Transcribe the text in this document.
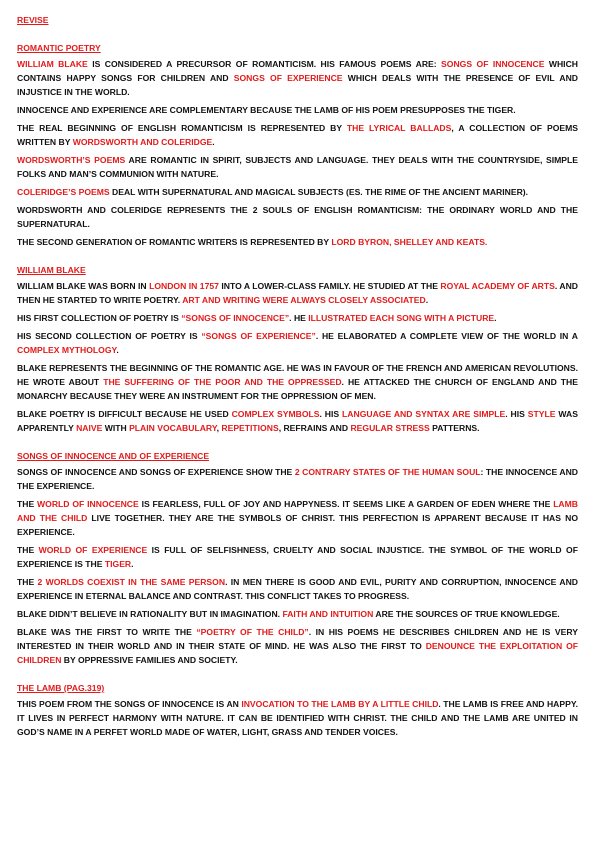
REVISE

ROMANTIC POETRY

WILLIAM BLAKE IS CONSIDERED A PRECURSOR OF ROMANTICISM. HIS FAMOUS POEMS ARE: SONGS OF INNOCENCE WHICH CONTAINS HAPPY SONGS FOR CHILDREN AND SONGS OF EXPERIENCE WHICH DEALS WITH THE PRESENCE OF EVIL AND INJUSTICE IN THE WORLD.

INNOCENCE AND EXPERIENCE ARE COMPLEMENTARY BECAUSE THE LAMB OF HIS POEM PRESUPPOSES THE TIGER.

THE REAL BEGINNING OF ENGLISH ROMANTICISM IS REPRESENTED BY THE LYRICAL BALLADS, A COLLECTION OF POEMS WRITTEN BY WORDSWORTH AND COLERIDGE.

WORDSWORTH’S POEMS ARE ROMANTIC IN SPIRIT, SUBJECTS AND LANGUAGE. THEY DEALS WITH THE COUNTRYSIDE, SIMPLE FOLKS AND MAN’S COMMUNION WITH NATURE.

COLERIDGE’S POEMS DEAL WITH SUPERNATURAL AND MAGICAL SUBJECTS (ES. THE RIME OF THE ANCIENT MARINER).

WORDSWORTH AND COLERIDGE REPRESENTS THE 2 SOULS OF ENGLISH ROMANTICISM: THE ORDINARY WORLD AND THE SUPERNATURAL.

THE SECOND GENERATION OF ROMANTIC WRITERS IS REPRESENTED BY LORD BYRON, SHELLEY AND KEATS.

WILLIAM BLAKE

WILLIAM BLAKE WAS BORN IN LONDON IN 1757 INTO A LOWER-CLASS FAMILY. HE STUDIED AT THE ROYAL ACADEMY OF ARTS. AND THEN HE STARTED TO WRITE POETRY. ART AND WRITING WERE ALWAYS CLOSELY ASSOCIATED.

HIS FIRST COLLECTION OF POETRY IS “SONGS OF INNOCENCE”. HE ILLUSTRATED EACH SONG WITH A PICTURE.

HIS SECOND COLLECTION OF POETRY IS “SONGS OF EXPERIENCE”. HE ELABORATED A COMPLETE VIEW OF THE WORLD IN A COMPLEX MYTHOLOGY.

BLAKE REPRESENTS THE BEGINNING OF THE ROMANTIC AGE. HE WAS IN FAVOUR OF THE FRENCH AND AMERICAN REVOLUTIONS. HE WROTE ABOUT THE SUFFERING OF THE POOR AND THE OPPRESSED. HE ATTACKED THE CHURCH OF ENGLAND AND THE MONARCHY BECAUSE THEY WERE AN INSTRUMENT FOR THE OPPRESSION OF MEN.

BLAKE POETRY IS DIFFICULT BECAUSE HE USED COMPLEX SYMBOLS. HIS LANGUAGE AND SYNTAX ARE SIMPLE. HIS STYLE WAS APPARENTLY NAIVE WITH PLAIN VOCABULARY, REPETITIONS, REFRAINS AND REGULAR STRESS PATTERNS.

SONGS OF INNOCENCE AND OF EXPERIENCE

SONGS OF INNOCENCE AND SONGS OF EXPERIENCE SHOW THE 2 CONTRARY STATES OF THE HUMAN SOUL: THE INNOCENCE AND THE EXPERIENCE.

THE WORLD OF INNOCENCE IS FEARLESS, FULL OF JOY AND HAPPYNESS. IT SEEMS LIKE A GARDEN OF EDEN WHERE THE LAMB AND THE CHILD LIVE TOGETHER. THEY ARE THE SYMBOLS OF CHRIST. THIS PERFECTION IS APPARENT BECAUSE IT HAS NO EXPERIENCE.

THE WORLD OF EXPERIENCE IS FULL OF SELFISHNESS, CRUELTY AND SOCIAL INJUSTICE. THE SYMBOL OF THE WORLD OF EXPERIENCE IS THE TIGER.

THE 2 WORLDS COEXIST IN THE SAME PERSON. IN MEN THERE IS GOOD AND EVIL, PURITY AND CORRUPTION, INNOCENCE AND EXPERIENCE IN ETERNAL BALANCE AND CONTRAST. THIS CONFLICT TAKES TO PROGRESS.

BLAKE DIDN’T BELIEVE IN RATIONALITY BUT IN IMAGINATION. FAITH AND INTUITION ARE THE SOURCES OF TRUE KNOWLEDGE.

BLAKE WAS THE FIRST TO WRITE THE “POETRY OF THE CHILD”. IN HIS POEMS HE DESCRIBES CHILDREN AND HE IS VERY INTERESTED IN THEIR WORLD AND IN THEIR STATE OF MIND. HE WAS ALSO THE FIRST TO DENOUNCE THE EXPLOITATION OF CHILDREN BY OPPRESSIVE FAMILIES AND SOCIETY.

THE LAMB (PAG.319)

THIS POEM FROM THE SONGS OF INNOCENCE IS AN INVOCATION TO THE LAMB BY A LITTLE CHILD. THE LAMB IS FREE AND HAPPY. IT LIVES IN PERFECT HARMONY WITH NATURE. IT CAN BE IDENTIFIED WITH CHRIST. THE CHILD AND THE LAMB ARE UNITED IN GOD’S NAME IN A PERFET WORLD MADE OF WATER, LIGHT, GRASS AND TENDER VOICES.
